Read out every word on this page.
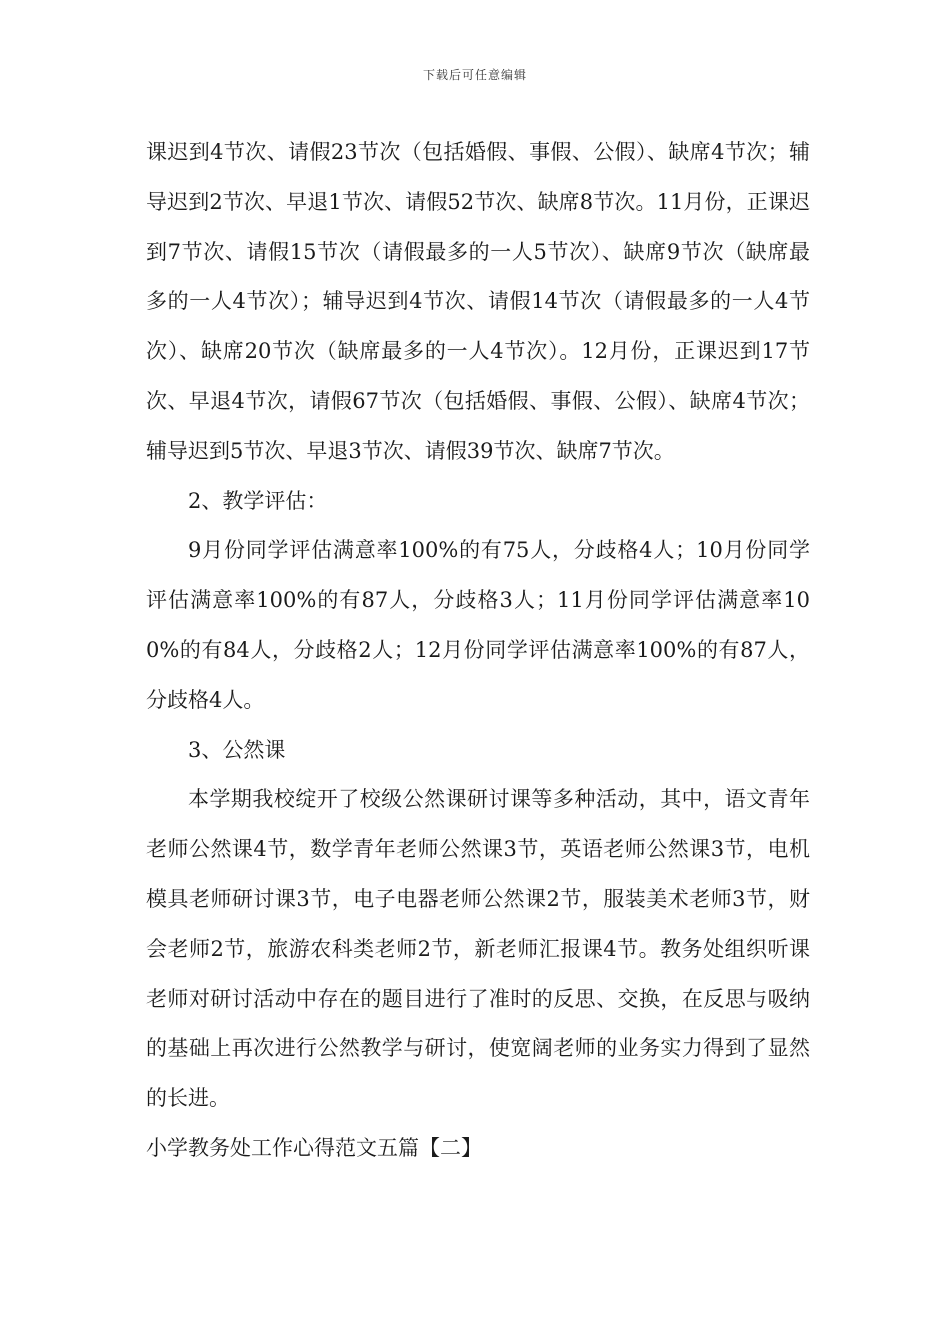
下载后可任意编辑

课迟到4节次、请假23节次（包括婚假、事假、公假）、缺席4节次；辅导迟到2节次、早退1节次、请假52节次、缺席8节次。11月份，正课迟到7节次、请假15节次（请假最多的一人5节次）、缺席9节次（缺席最多的一人4节次）；辅导迟到4节次、请假14节次（请假最多的一人4节次）、缺席20节次（缺席最多的一人4节次）。12月份，正课迟到17节次、早退4节次，请假67节次（包括婚假、事假、公假）、缺席4节次；辅导迟到5节次、早退3节次、请假39节次、缺席7节次。

2、教学评估：

9月份同学评估满意率100%的有75人，分歧格4人；10月份同学评估满意率100%的有87人，分歧格3人；11月份同学评估满意率100%的有84人，分歧格2人；12月份同学评估满意率100%的有87人，分歧格4人。

3、公然课

本学期我校绽开了校级公然课研讨课等多种活动，其中，语文青年老师公然课4节，数学青年老师公然课3节，英语老师公然课3节，电机模具老师研讨课3节，电子电器老师公然课2节，服装美术老师3节，财会老师2节，旅游农科类老师2节，新老师汇报课4节。教务处组织听课老师对研讨活动中存在的题目进行了准时的反思、交换，在反思与吸纳的基础上再次进行公然教学与研讨，使宽阔老师的业务实力得到了显然的长进。

小学教务处工作心得范文五篇【二】
